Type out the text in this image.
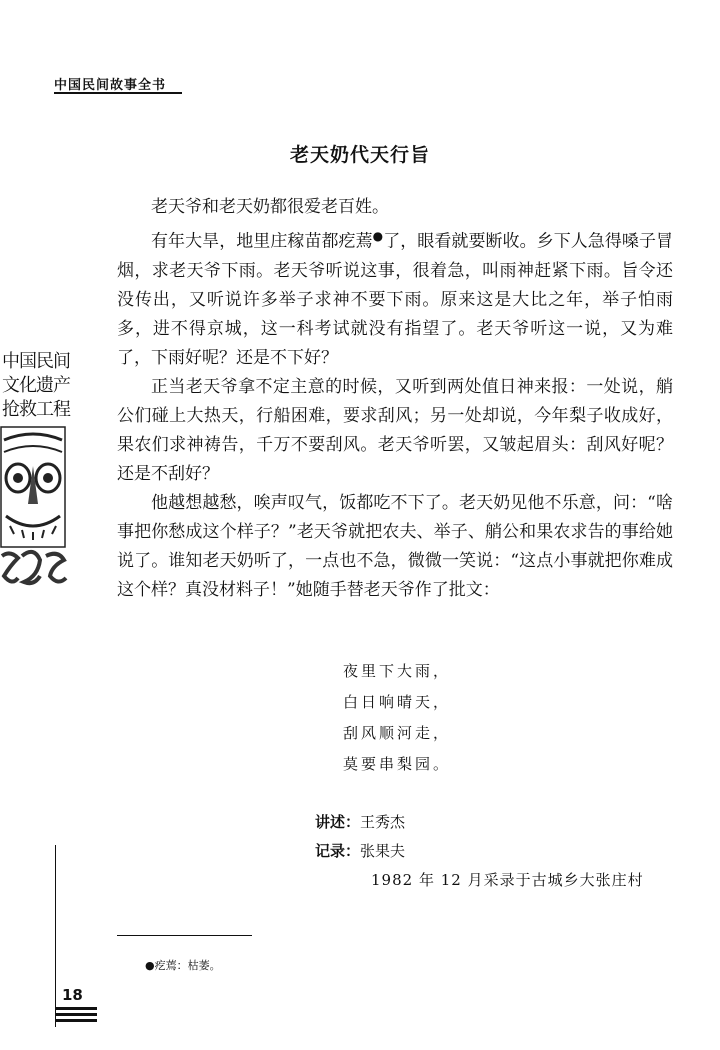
中国民间故事全书
中国民间
文化遗产
抢救工程
老天奶代天行旨

老天爷和老天奶都很爱老百姓。

有年大旱，地里庄稼苗都疙蔫●了，眼看就要断收。乡下人急得嗓子冒烟，求老天爷下雨。老天爷听说这事，很着急，叫雨神赶紧下雨。旨令还没传出，又听说许多举子求神不要下雨。原来这是大比之年，举子怕雨多，进不得京城，这一科考试就没有指望了。老天爷听这一说，又为难了，下雨好呢？还是不下好？

正当老天爷拿不定主意的时候，又听到两处值日神来报：一处说，艄公们碰上大热天，行船困难，要求刮风；另一处却说，今年梨子收成好，果农们求神祷告，千万不要刮风。老天爷听罢，又皱起眉头：刮风好呢？还是不刮好？

他越想越愁，唉声叹气，饭都吃不下了。老天奶见他不乐意，问：“啥事把你愁成这个样子？”老天爷就把农夫、举子、艄公和果农求告的事给她说了。谁知老天奶听了，一点也不急，微微一笑说：“这点小事就把你难成这个样？真没材料子！”她随手替老天爷作了批文：

夜里下大雨，
白日响晴天，
刮风顺河走，
莫要串梨园。
讲述：王秀杰
记录：张果夫
1982 年 12 月采录于古城乡大张庄村
●疙蔫：枯萎。
18
